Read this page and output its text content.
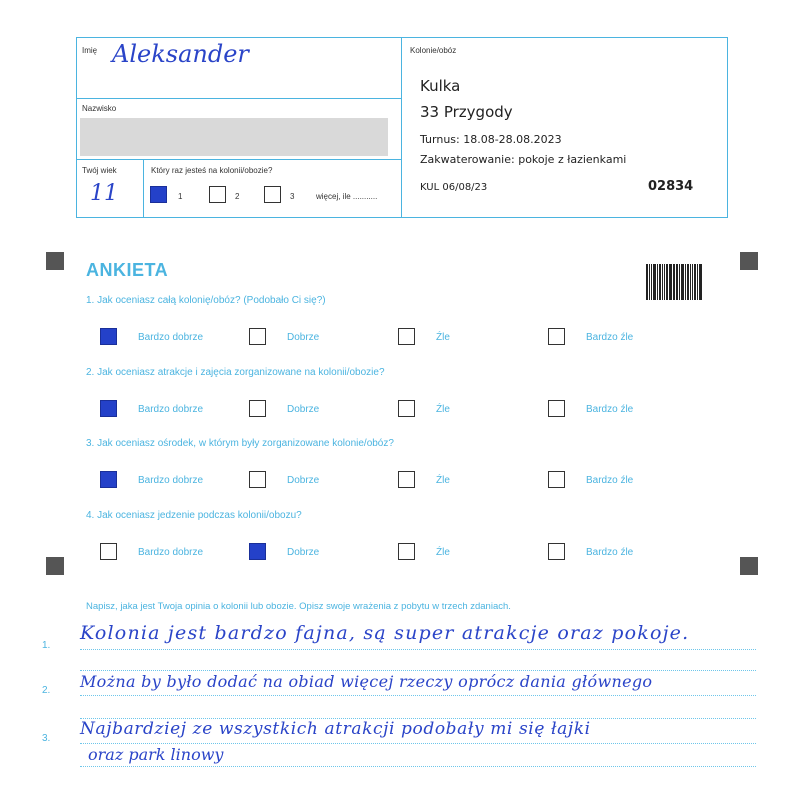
Imię Aleksander
Nazwisko
Twój wiek
11
Który raz jesteś na kolonii/obozie?
1	2	3	więcej, ile ...........
Kolonie/obóz
Kulka
33 Przygody
Turnus: 18.08-28.08.2023
Zakwaterowanie: pokoje z łazienkami
KUL 06/08/23	02834
ANKIETA
1. Jak oceniasz całą kolonię/obóz? (Podobało Ci się?)
Bardzo dobrze	Dobrze	Źle	Bardzo źle
2. Jak oceniasz atrakcje i zajęcia zorganizowane na kolonii/obozie?
Bardzo dobrze	Dobrze	Źle	Bardzo źle
3. Jak oceniasz ośrodek, w którym były zorganizowane kolonie/obóz?
Bardzo dobrze	Dobrze	Źle	Bardzo źle
4. Jak oceniasz jedzenie podczas kolonii/obozu?
Bardzo dobrze	Dobrze	Źle	Bardzo źle
Napisz, jaka jest Twoja opinia o kolonii lub obozie. Opisz swoje wrażenia z pobytu w trzech zdaniach.
1.
2.
3.
Kolonia jest bardzo fajna, są super atrakcje oraz pokoje.
Można by było dodać na obiad więcej rzeczy oprócz dania głównego
Najbardziej ze wszystkich atrakcji podobały mi się łajki
oraz park linowy
